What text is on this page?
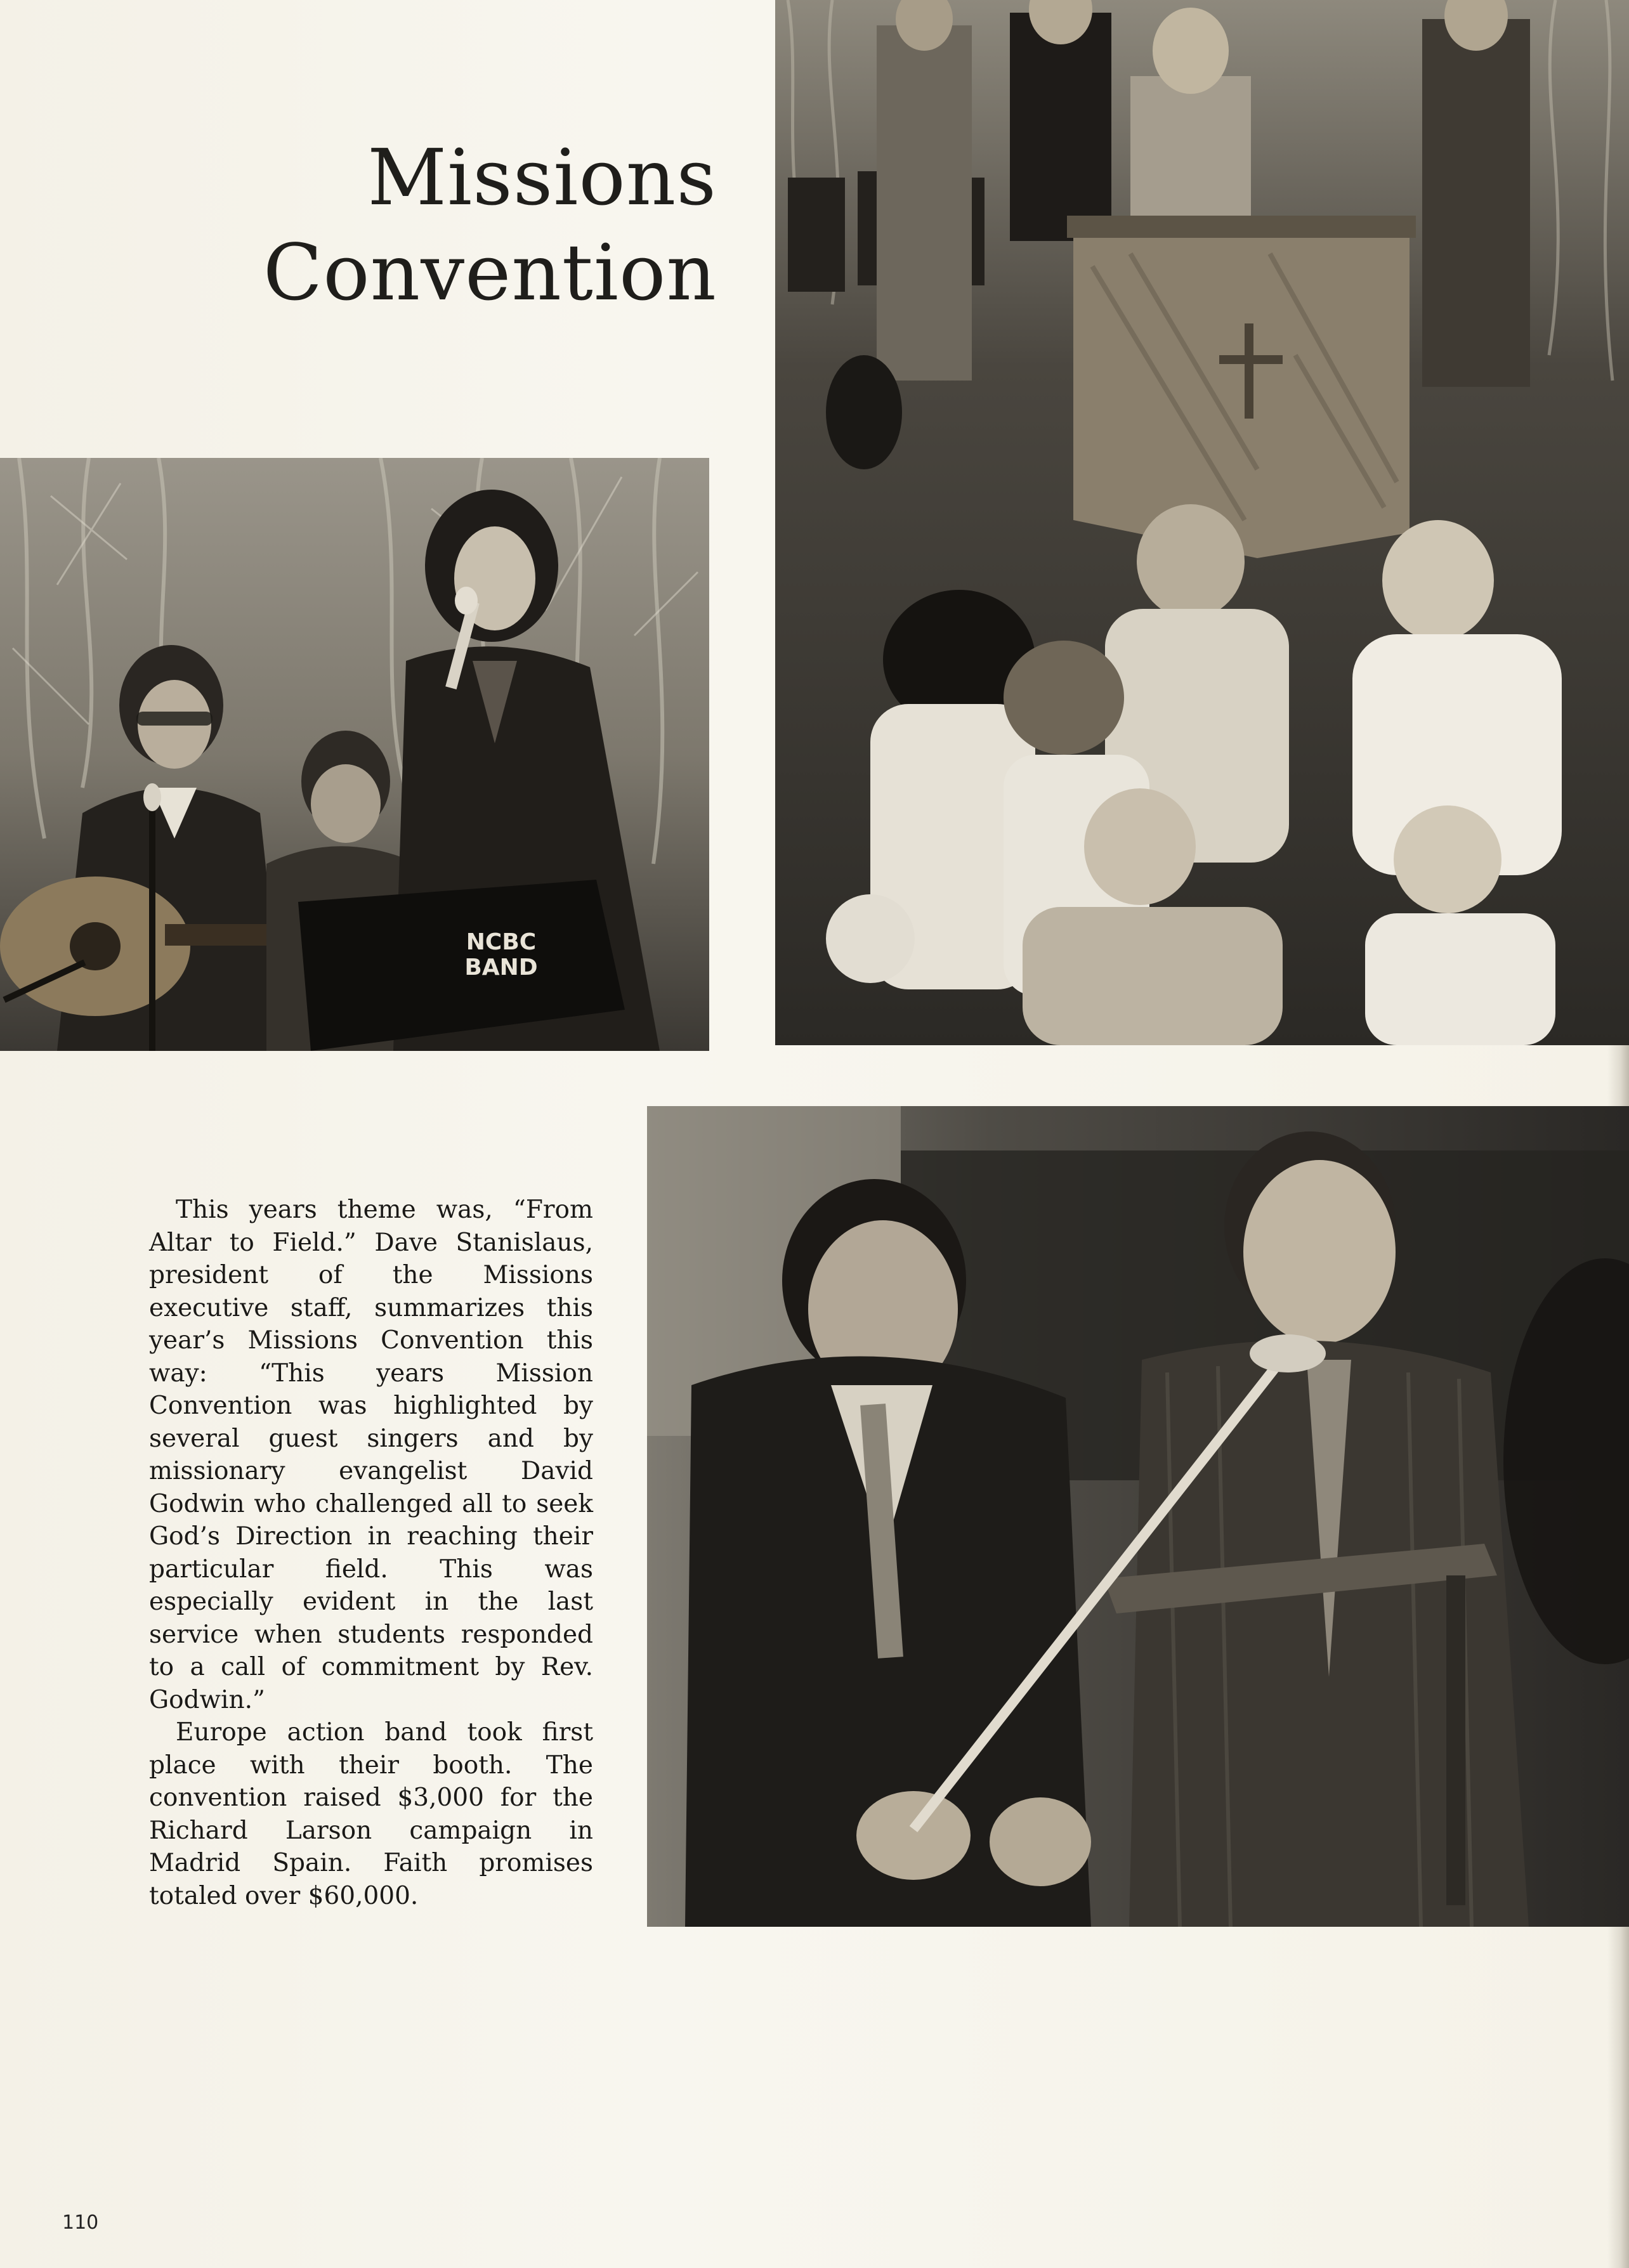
Missions
Convention
NCBC
BAND

This years theme was, “From Altar to Field.” Dave Stanislaus, president of the Missions executive staff, summarizes this year’s Missions Convention this way: “This years Mission Convention was highlighted by several guest singers and by missionary evangelist David Godwin who challenged all to seek God’s Direction in reaching their particular field. This was especially evident in the last service when students responded to a call of commitment by Rev. Godwin.”

Europe action band took first place with their booth. The convention raised $3,000 for the Richard Larson campaign in Madrid Spain. Faith promises totaled over $60,000.

110
